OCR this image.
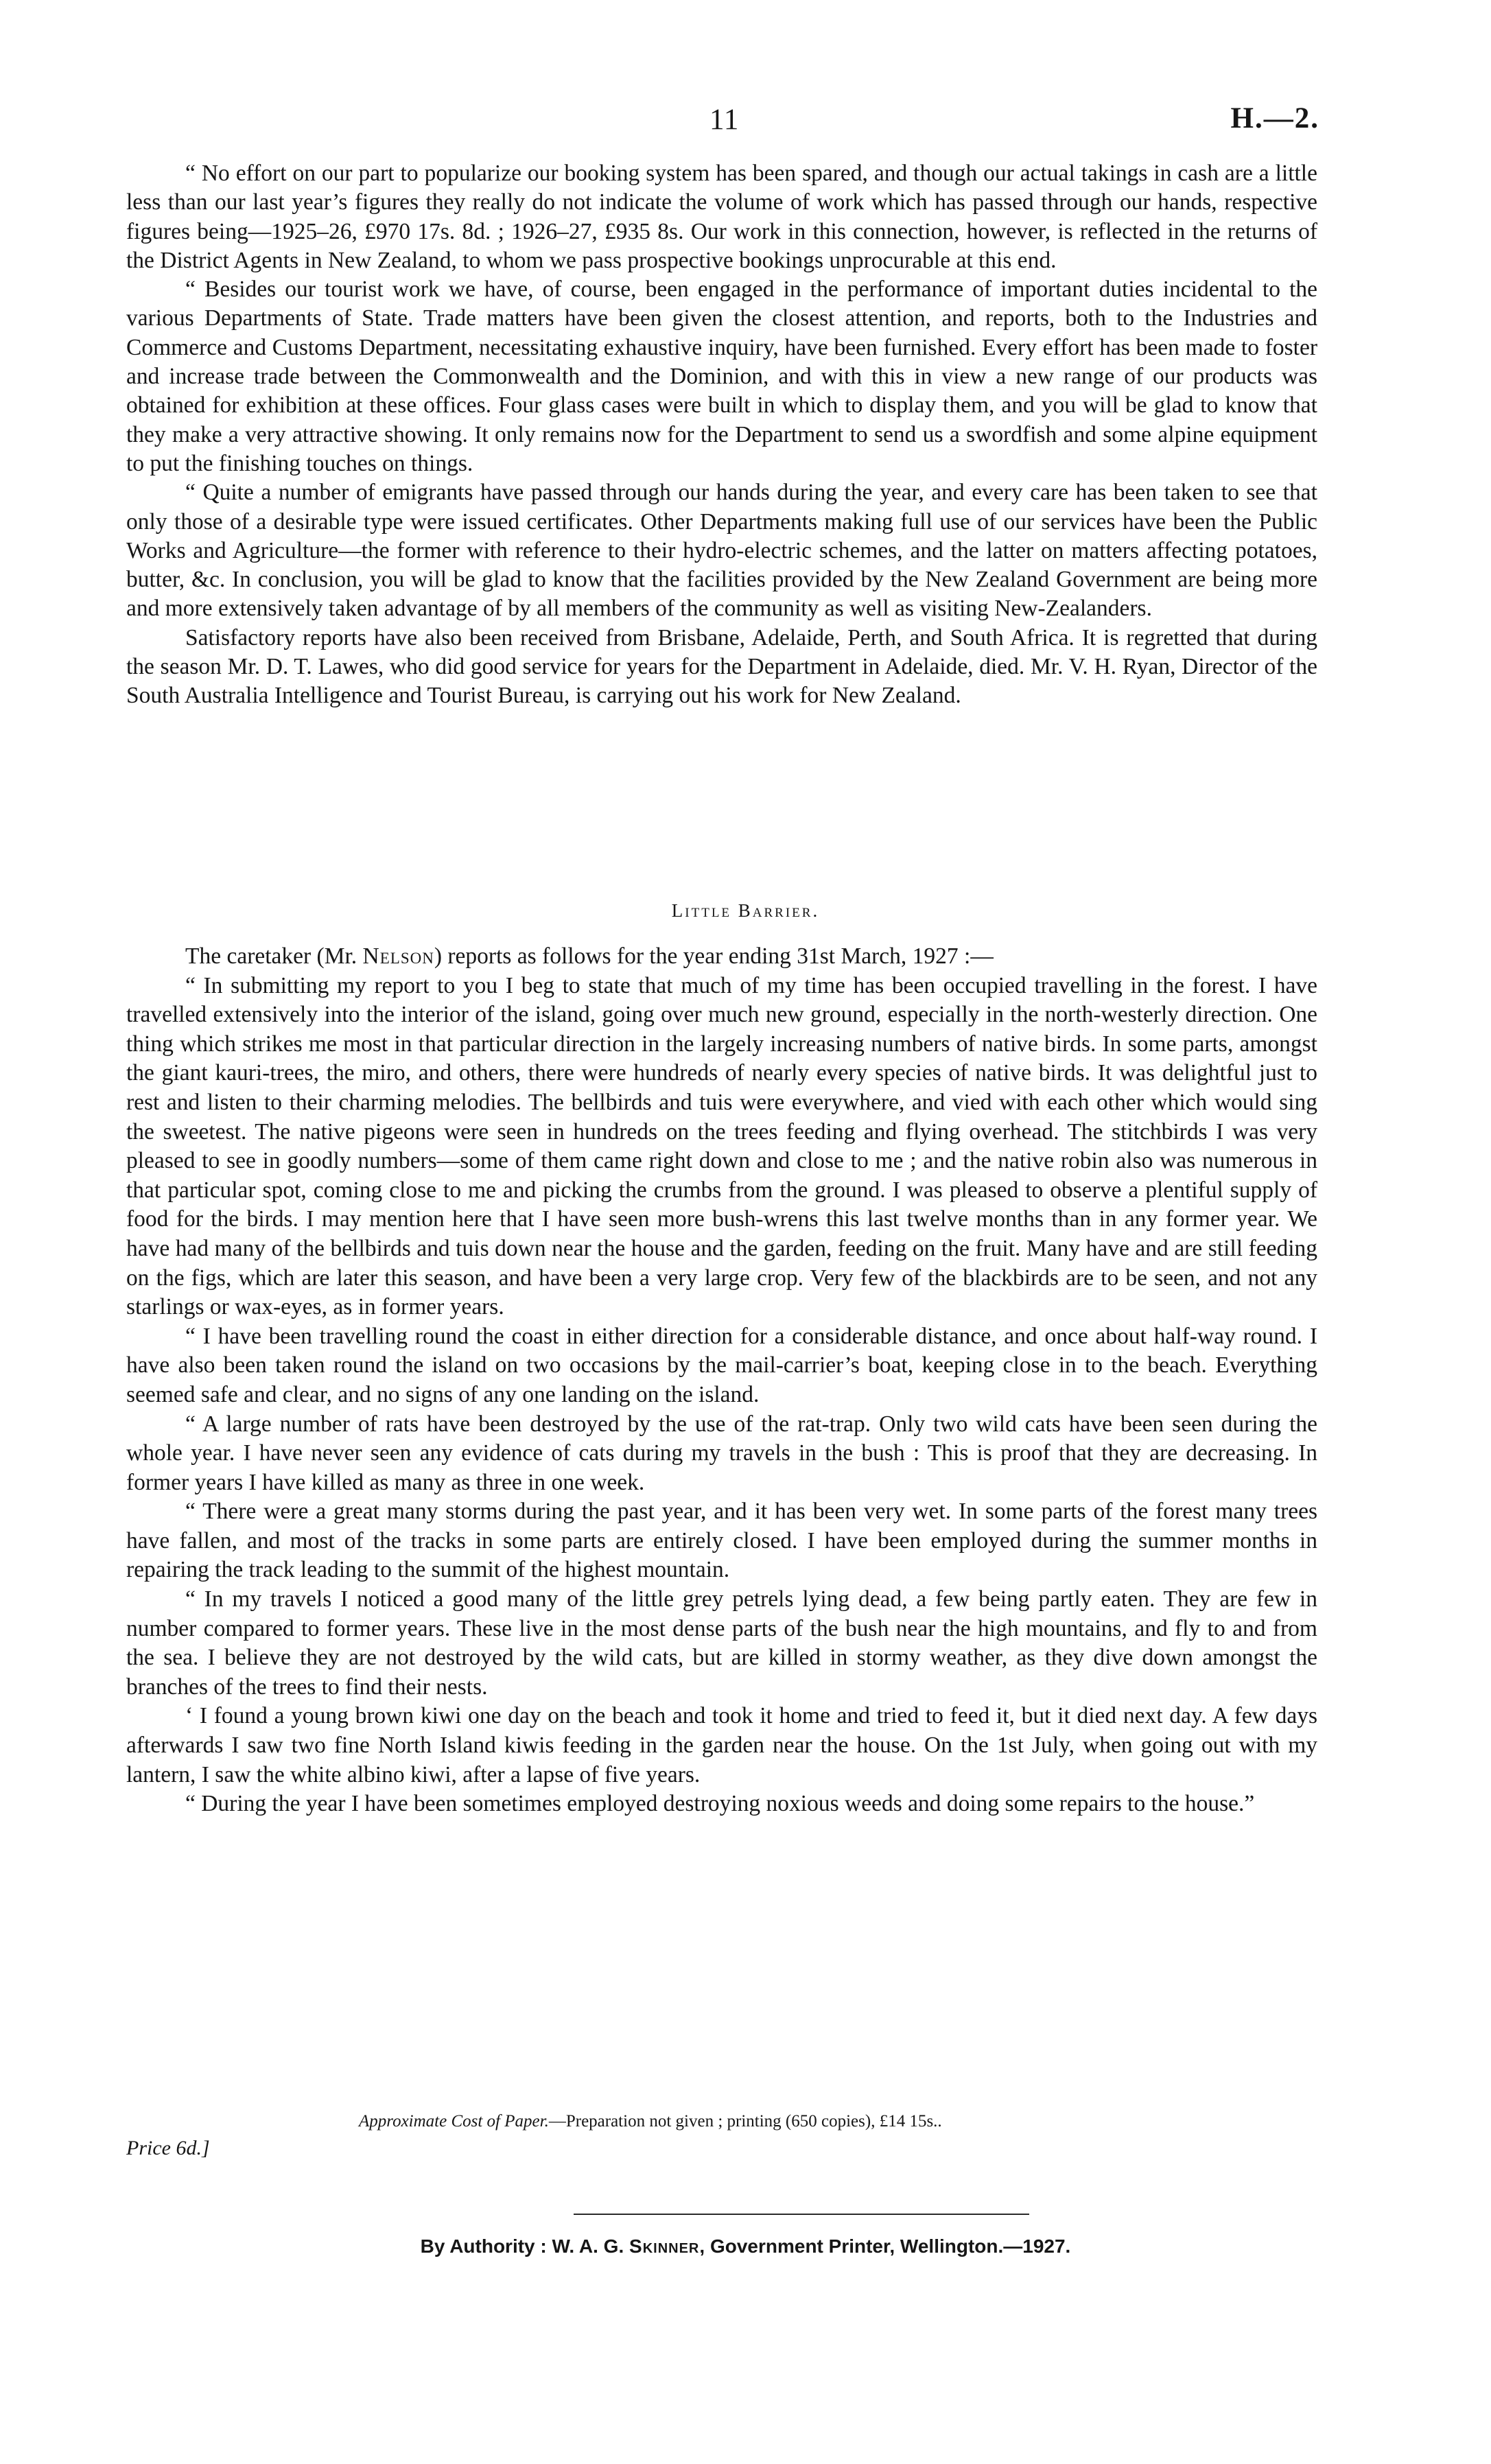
11	H.—2.

“ No effort on our part to popularize our booking system has been spared, and though our actual takings in cash are a little less than our last year’s figures they really do not indicate the volume of work which has passed through our hands, respective figures being—1925–26, £970 17s. 8d. ; 1926–27, £935 8s. Our work in this connection, however, is reflected in the returns of the District Agents in New Zealand, to whom we pass prospective bookings unprocurable at this end.

“ Besides our tourist work we have, of course, been engaged in the performance of important duties incidental to the various Departments of State. Trade matters have been given the closest attention, and reports, both to the Industries and Commerce and Customs Department, necessitating exhaustive inquiry, have been furnished. Every effort has been made to foster and increase trade between the Commonwealth and the Dominion, and with this in view a new range of our products was obtained for exhibition at these offices. Four glass cases were built in which to display them, and you will be glad to know that they make a very attractive showing. It only remains now for the Department to send us a swordfish and some alpine equipment to put the finishing touches on things.

“ Quite a number of emigrants have passed through our hands during the year, and every care has been taken to see that only those of a desirable type were issued certificates. Other Departments making full use of our services have been the Public Works and Agriculture—the former with reference to their hydro-electric schemes, and the latter on matters affecting potatoes, butter, &c. In conclusion, you will be glad to know that the facilities provided by the New Zealand Government are being more and more extensively taken advantage of by all members of the community as well as visiting New-Zealanders.

Satisfactory reports have also been received from Brisbane, Adelaide, Perth, and South Africa. It is regretted that during the season Mr. D. T. Lawes, who did good service for years for the Department in Adelaide, died. Mr. V. H. Ryan, Director of the South Australia Intelligence and Tourist Bureau, is carrying out his work for New Zealand.

Little Barrier.

The caretaker (Mr. Nelson) reports as follows for the year ending 31st March, 1927 :—

“ In submitting my report to you I beg to state that much of my time has been occupied travelling in the forest. I have travelled extensively into the interior of the island, going over much new ground, especially in the north-westerly direction. One thing which strikes me most in that particular direction in the largely increasing numbers of native birds. In some parts, amongst the giant kauri-trees, the miro, and others, there were hundreds of nearly every species of native birds. It was delightful just to rest and listen to their charming melodies. The bellbirds and tuis were everywhere, and vied with each other which would sing the sweetest. The native pigeons were seen in hundreds on the trees feeding and flying overhead. The stitchbirds I was very pleased to see in goodly numbers—some of them came right down and close to me ; and the native robin also was numerous in that particular spot, coming close to me and picking the crumbs from the ground. I was pleased to observe a plentiful supply of food for the birds. I may mention here that I have seen more bush-wrens this last twelve months than in any former year. We have had many of the bellbirds and tuis down near the house and the garden, feeding on the fruit. Many have and are still feeding on the figs, which are later this season, and have been a very large crop. Very few of the blackbirds are to be seen, and not any starlings or wax-eyes, as in former years.

“ I have been travelling round the coast in either direction for a considerable distance, and once about half-way round. I have also been taken round the island on two occasions by the mail-carrier’s boat, keeping close in to the beach. Everything seemed safe and clear, and no signs of any one landing on the island.

“ A large number of rats have been destroyed by the use of the rat-trap. Only two wild cats have been seen during the whole year. I have never seen any evidence of cats during my travels in the bush : This is proof that they are decreasing. In former years I have killed as many as three in one week.

“ There were a great many storms during the past year, and it has been very wet. In some parts of the forest many trees have fallen, and most of the tracks in some parts are entirely closed. I have been employed during the summer months in repairing the track leading to the summit of the highest mountain.

“ In my travels I noticed a good many of the little grey petrels lying dead, a few being partly eaten. They are few in number compared to former years. These live in the most dense parts of the bush near the high mountains, and fly to and from the sea. I believe they are not destroyed by the wild cats, but are killed in stormy weather, as they dive down amongst the branches of the trees to find their nests.

‘ I found a young brown kiwi one day on the beach and took it home and tried to feed it, but it died next day. A few days afterwards I saw two fine North Island kiwis feeding in the garden near the house. On the 1st July, when going out with my lantern, I saw the white albino kiwi, after a lapse of five years.

“ During the year I have been sometimes employed destroying noxious weeds and doing some repairs to the house.”

Approximate Cost of Paper.—Preparation not given ; printing (650 copies), £14 15s..
Price 6d.]
By Authority : W. A. G. Skinner, Government Printer, Wellington.—1927.
